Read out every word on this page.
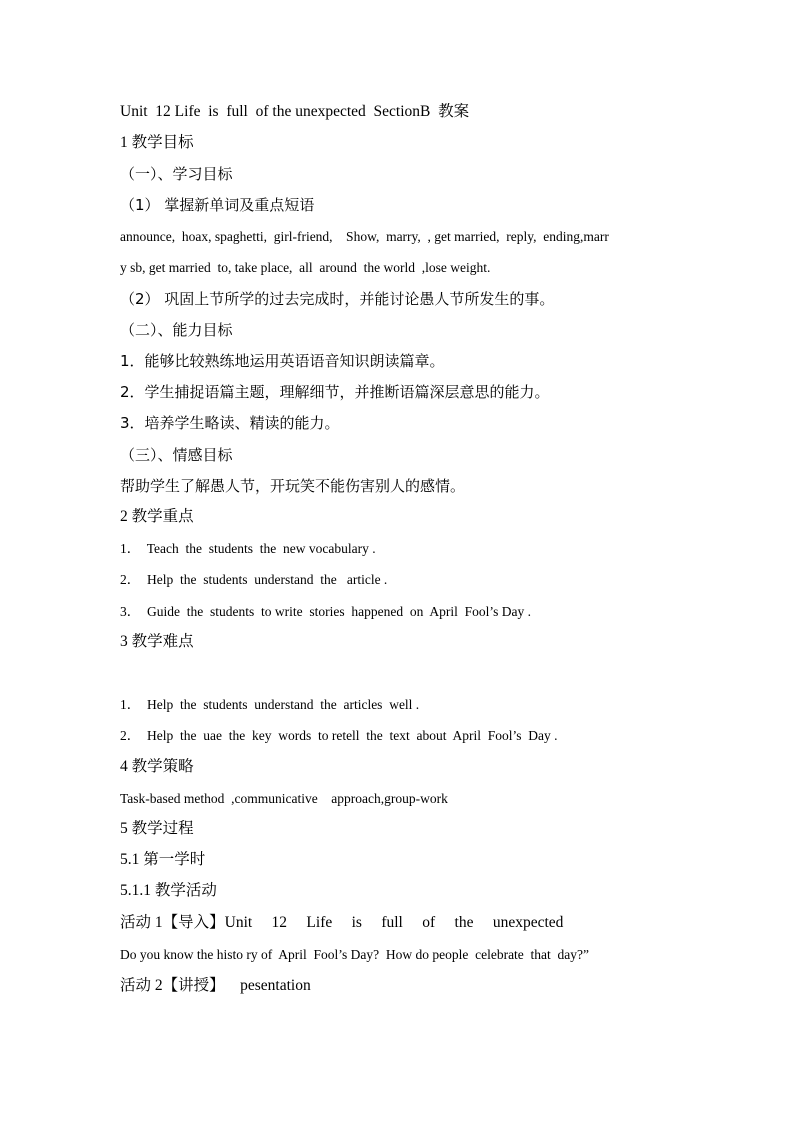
Unit  12 Life  is  full  of the unexpected  SectionB  教案
1 教学目标
（一）、学习目标
（1） 掌握新单词及重点短语
announce,  hoax, spaghetti,  girl-friend,    Show,  marry,  , get married,  reply,  ending,marr
y sb, get married  to, take place,  all  around  the world  ,lose weight.
（2） 巩固上节所学的过去完成时，并能讨论愚人节所发生的事。
（二）、能力目标
1．能够比较熟练地运用英语语音知识朗读篇章。
2．学生捕捉语篇主题，理解细节，并推断语篇深层意思的能力。
3．培养学生略读、精读的能力。
（三）、情感目标
帮助学生了解愚人节，开玩笑不能伤害别人的感情。
2 教学重点
1．  Teach  the  students  the  new vocabulary .
2．  Help  the  students  understand  the   article .
3．  Guide  the  students  to write  stories  happened  on  April  Fool’s Day .
3 教学难点
1．  Help  the  students  understand  the  articles  well .
2．  Help  the  uae  the  key  words  to retell  the  text  about  April  Fool’s  Day .
4 教学策略
Task-based method  ,communicative    approach,group-work
5 教学过程
5.1 第一学时
5.1.1 教学活动
活动 1【导入】Unit     12     Life     is     full     of     the     unexpected
Do you know the histo ry of  April  Fool’s Day?  How do people  celebrate  that  day?”
活动 2【讲授】    pesentation
